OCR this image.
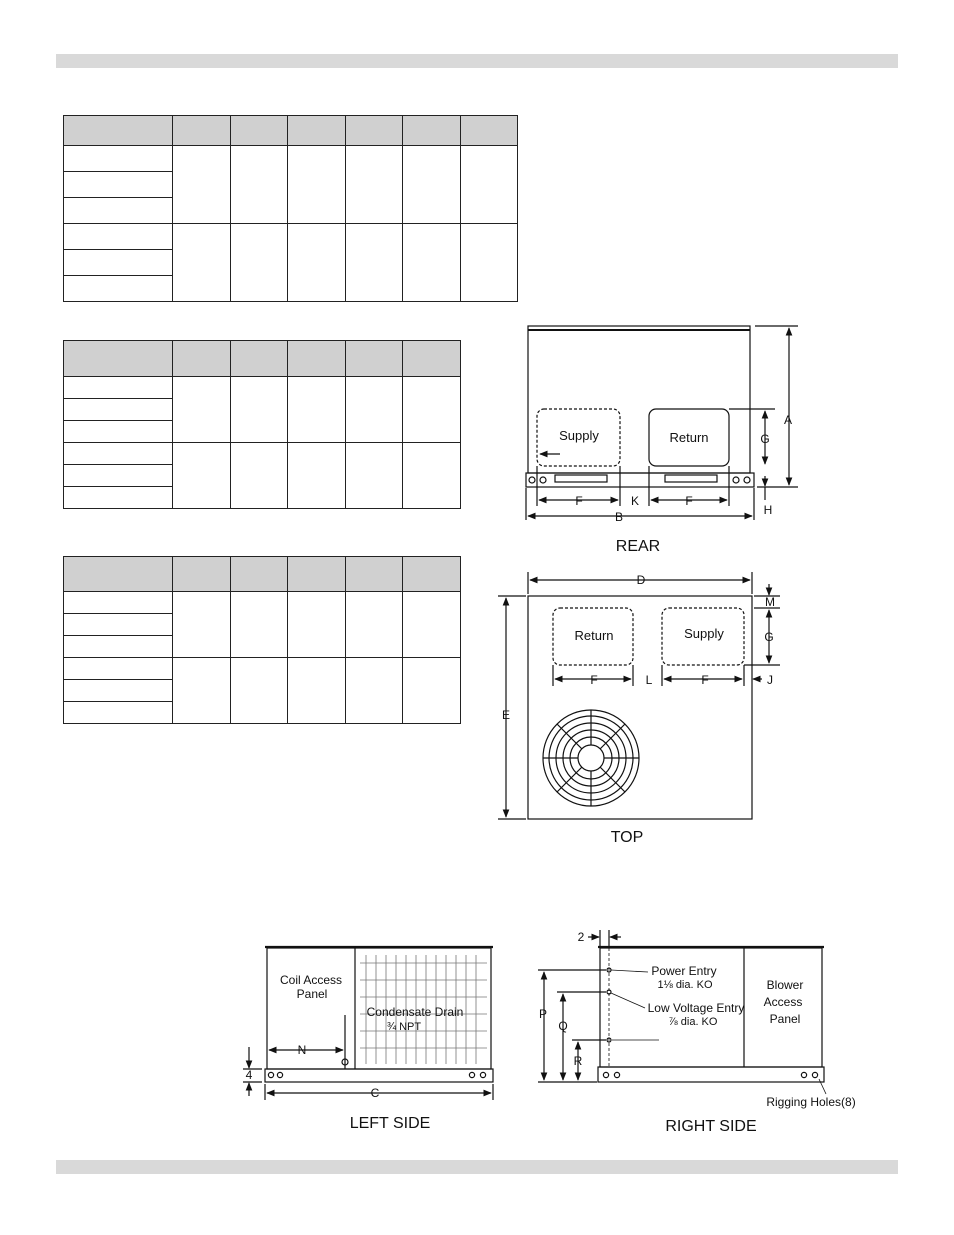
Supply	Return
A
G
H
F	K	F
B
REAR
Return	Supply
D
E
M
G
F	L	F	J
TOP
Coil Access
Panel
Condensate Drain
¾ NPT
N
C
4
LEFT SIDE
Power Entry
1⅛ dia. KO
Low Voltage Entry
⅞ dia. KO
Blower
Access
Panel
Rigging Holes(8)
2
P
Q
R
RIGHT SIDE
